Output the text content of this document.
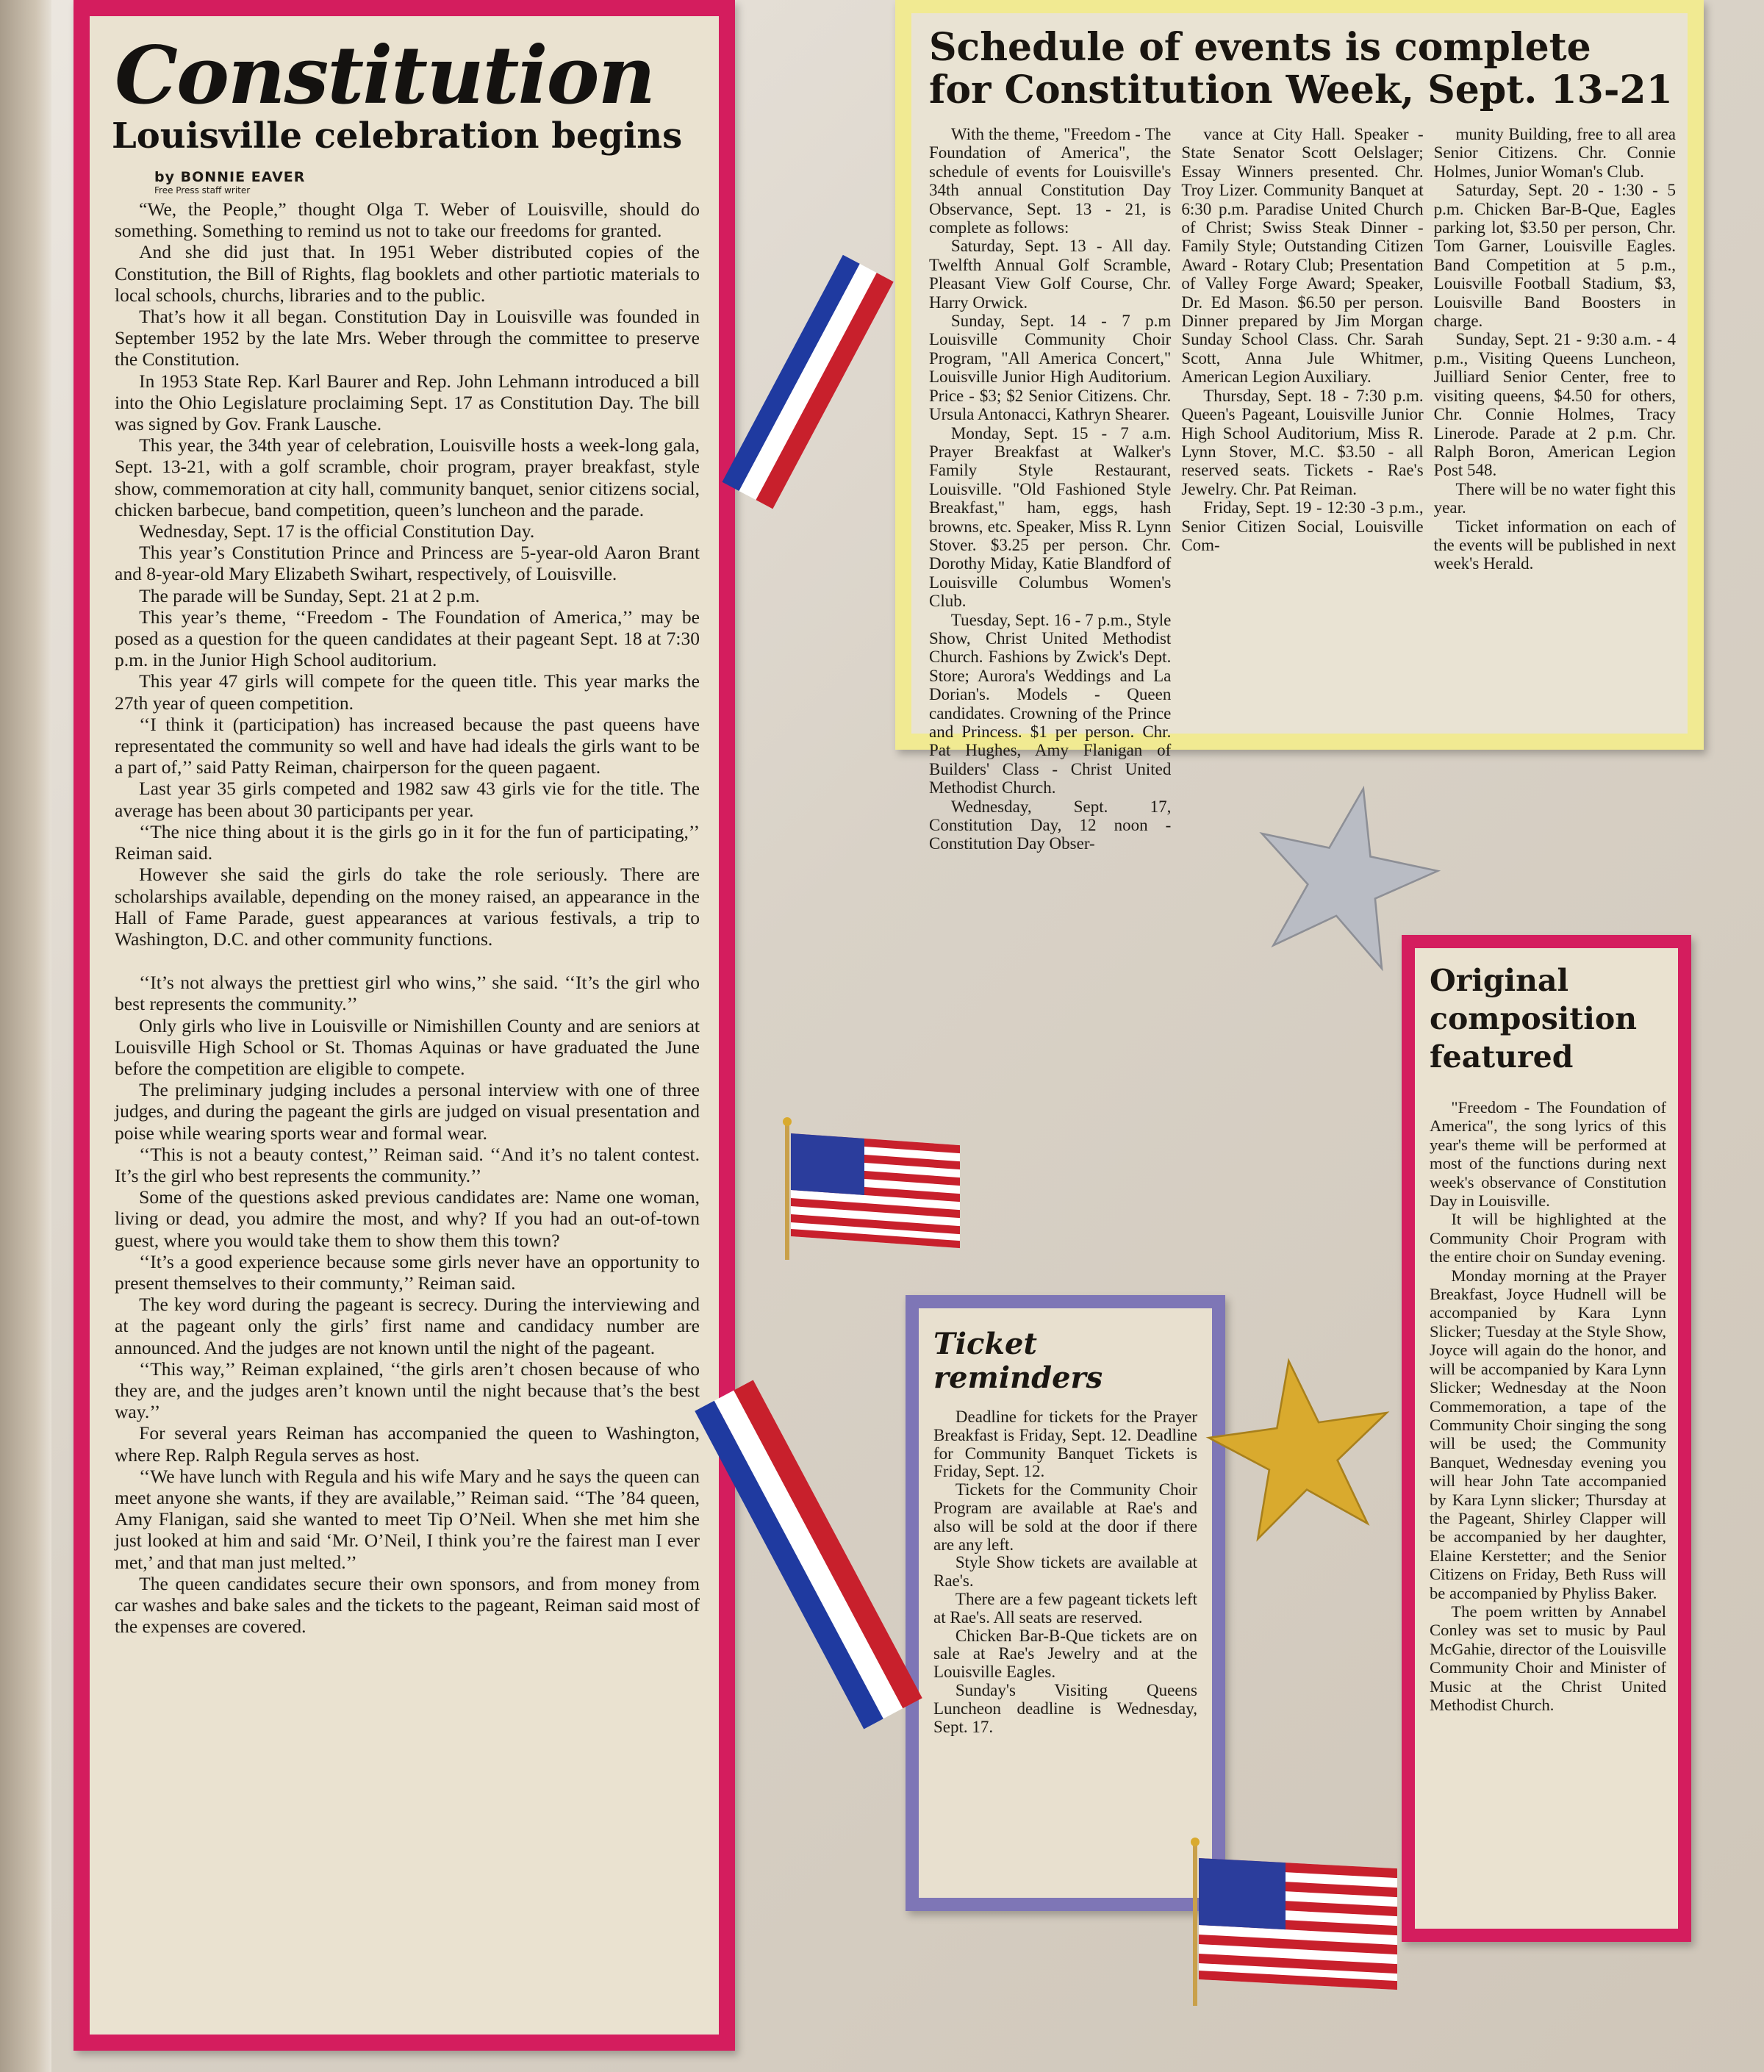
Constitution
Louisville celebration begins
by BONNIE EAVER
Free Press staff writer

“We, the People,” thought Olga T. Weber of Louisville, should do something. Something to remind us not to take our freedoms for granted.

And she did just that. In 1951 Weber distributed copies of the Constitution, the Bill of Rights, flag booklets and other partiotic materials to local schools, churchs, libraries and to the public.

That’s how it all began. Constitution Day in Louisville was founded in September 1952 by the late Mrs. Weber through the committee to preserve the Constitution.

In 1953 State Rep. Karl Baurer and Rep. John Lehmann introduced a bill into the Ohio Legislature proclaiming Sept. 17 as Constitution Day. The bill was signed by Gov. Frank Lausche.

This year, the 34th year of celebration, Louisville hosts a week-long gala, Sept. 13-21, with a golf scramble, choir program, prayer breakfast, style show, commemoration at city hall, community banquet, senior citizens social, chicken barbecue, band competition, queen’s luncheon and the parade.

Wednesday, Sept. 17 is the official Constitution Day.

This year’s Constitution Prince and Princess are 5-year-old Aaron Brant and 8-year-old Mary Elizabeth Swihart, respectively, of Louisville.

The parade will be Sunday, Sept. 21 at 2 p.m.

This year’s theme, ‘‘Freedom - The Foundation of America,’’ may be posed as a question for the queen candidates at their pageant Sept. 18 at 7:30 p.m. in the Junior High School auditorium.

This year 47 girls will compete for the queen title. This year marks the 27th year of queen competition.

‘‘I think it (participation) has increased because the past queens have representated the community so well and have had ideals the girls want to be a part of,’’ said Patty Reiman, chairperson for the queen pagaent.

Last year 35 girls competed and 1982 saw 43 girls vie for the title. The average has been about 30 participants per year.

‘‘The nice thing about it is the girls go in it for the fun of participating,’’ Reiman said.

However she said the girls do take the role seriously. There are scholarships available, depending on the money raised, an appearance in the Hall of Fame Parade, guest appearances at various festivals, a trip to Washington, D.C. and other community functions.

‘‘It’s not always the prettiest girl who wins,’’ she said. ‘‘It’s the girl who best represents the community.’’

Only girls who live in Louisville or Nimishillen County and are seniors at Louisville High School or St. Thomas Aquinas or have graduated the June before the competition are eligible to compete.

The preliminary judging includes a personal interview with one of three judges, and during the pageant the girls are judged on visual presentation and poise while wearing sports wear and formal wear.

‘‘This is not a beauty contest,’’ Reiman said. ‘‘And it’s no talent contest. It’s the girl who best represents the community.’’

Some of the questions asked previous candidates are: Name one woman, living or dead, you admire the most, and why? If you had an out-of-town guest, where you would take them to show them this town?

‘‘It’s a good experience because some girls never have an opportunity to present themselves to their communty,’’ Reiman said.

The key word during the pageant is secrecy. During the interviewing and at the pageant only the girls’ first name and candidacy number are announced. And the judges are not known until the night of the pageant.

‘‘This way,’’ Reiman explained, ‘‘the girls aren’t chosen because of who they are, and the judges aren’t known until the night because that’s the best way.’’

For several years Reiman has accompanied the queen to Washington, where Rep. Ralph Regula serves as host.

‘‘We have lunch with Regula and his wife Mary and he says the queen can meet anyone she wants, if they are available,’’ Reiman said. ‘‘The ’84 queen, Amy Flanigan, said she wanted to meet Tip O’Neil. When she met him she just looked at him and said ‘Mr. O’Neil, I think you’re the fairest man I ever met,’ and that man just melted.’’

The queen candidates secure their own sponsors, and from money from car washes and bake sales and the tickets to the pageant, Reiman said most of the expenses are covered.

Schedule of events is complete
for Constitution Week, Sept. 13-21

With the theme, "Freedom - The Foundation of America", the schedule of events for Louisville's 34th annual Constitution Day Observance, Sept. 13 - 21, is complete as follows:

Saturday, Sept. 13 - All day. Twelfth Annual Golf Scramble, Pleasant View Golf Course, Chr. Harry Orwick.

Sunday, Sept. 14 - 7 p.m Louisville Community Choir Program, "All America Concert," Louisville Junior High Auditorium. Price - $3; $2 Senior Citizens. Chr. Ursula Antonacci, Kathryn Shearer.

Monday, Sept. 15 - 7 a.m. Prayer Breakfast at Walker's Family Style Restaurant, Louisville. "Old Fashioned Style Breakfast," ham, eggs, hash browns, etc. Speaker, Miss R. Lynn Stover. $3.25 per person. Chr. Dorothy Miday, Katie Blandford of Louisville Columbus Women's Club.

Tuesday, Sept. 16 - 7 p.m., Style Show, Christ United Methodist Church. Fashions by Zwick's Dept. Store; Aurora's Weddings and La Dorian's. Models - Queen candidates. Crowning of the Prince and Princess. $1 per person. Chr. Pat Hughes, Amy Flanigan of Builders' Class - Christ United Methodist Church.

Wednesday, Sept. 17, Constitution Day, 12 noon - Constitution Day Obser-

vance at City Hall. Speaker - State Senator Scott Oelslager; Essay Winners presented. Chr. Troy Lizer. Community Banquet at 6:30 p.m. Paradise United Church of Christ; Swiss Steak Dinner - Family Style; Outstanding Citizen Award - Rotary Club; Presentation of Valley Forge Award; Speaker, Dr. Ed Mason. $6.50 per person. Dinner prepared by Jim Morgan Sunday School Class. Chr. Sarah Scott, Anna Jule Whitmer, American Legion Auxiliary.

Thursday, Sept. 18 - 7:30 p.m. Queen's Pageant, Louisville Junior High School Auditorium, Miss R. Lynn Stover, M.C. $3.50 - all reserved seats. Tickets - Rae's Jewelry. Chr. Pat Reiman.

Friday, Sept. 19 - 12:30 -3 p.m., Senior Citizen Social, Louisville Com-

munity Building, free to all area Senior Citizens. Chr. Connie Holmes, Junior Woman's Club.

Saturday, Sept. 20 - 1:30 - 5 p.m. Chicken Bar-B-Que, Eagles parking lot, $3.50 per person, Chr. Tom Garner, Louisville Eagles. Band Competition at 5 p.m., Louisville Football Stadium, $3, Louisville Band Boosters in charge.

Sunday, Sept. 21 - 9:30 a.m. - 4 p.m., Visiting Queens Luncheon, Juilliard Senior Center, free to visiting queens, $4.50 for others, Chr. Connie Holmes, Tracy Linerode. Parade at 2 p.m. Chr. Ralph Boron, American Legion Post 548.

There will be no water fight this year.

Ticket information on each of the events will be published in next week's Herald.

Ticket
reminders

Deadline for tickets for the Prayer Breakfast is Friday, Sept. 12. Deadline for Community Banquet Tickets is Friday, Sept. 12.

Tickets for the Community Choir Program are available at Rae's and also will be sold at the door if there are any left.

Style Show tickets are available at Rae's.

There are a few pageant tickets left at Rae's. All seats are reserved.

Chicken Bar-B-Que tickets are on sale at Rae's Jewelry and at the Louisville Eagles.

Sunday's Visiting Queens Luncheon deadline is Wednesday, Sept. 17.

Original
composition
featured

"Freedom - The Foundation of America", the song lyrics of this year's theme will be performed at most of the functions during next week's observance of Constitution Day in Louisville.

It will be highlighted at the Community Choir Program with the entire choir on Sunday evening.

Monday morning at the Prayer Breakfast, Joyce Hudnell will be accompanied by Kara Lynn Slicker; Tuesday at the Style Show, Joyce will again do the honor, and will be accompanied by Kara Lynn Slicker; Wednesday at the Noon Commemoration, a tape of the Community Choir singing the song will be used; the Community Banquet, Wednesday evening you will hear John Tate accompanied by Kara Lynn slicker; Thursday at the Pageant, Shirley Clapper will be accompanied by her daughter, Elaine Kerstetter; and the Senior Citizens on Friday, Beth Russ will be accompanied by Phyliss Baker.

The poem written by Annabel Conley was set to music by Paul McGahie, director of the Louisville Community Choir and Minister of Music at the Christ United Methodist Church.
